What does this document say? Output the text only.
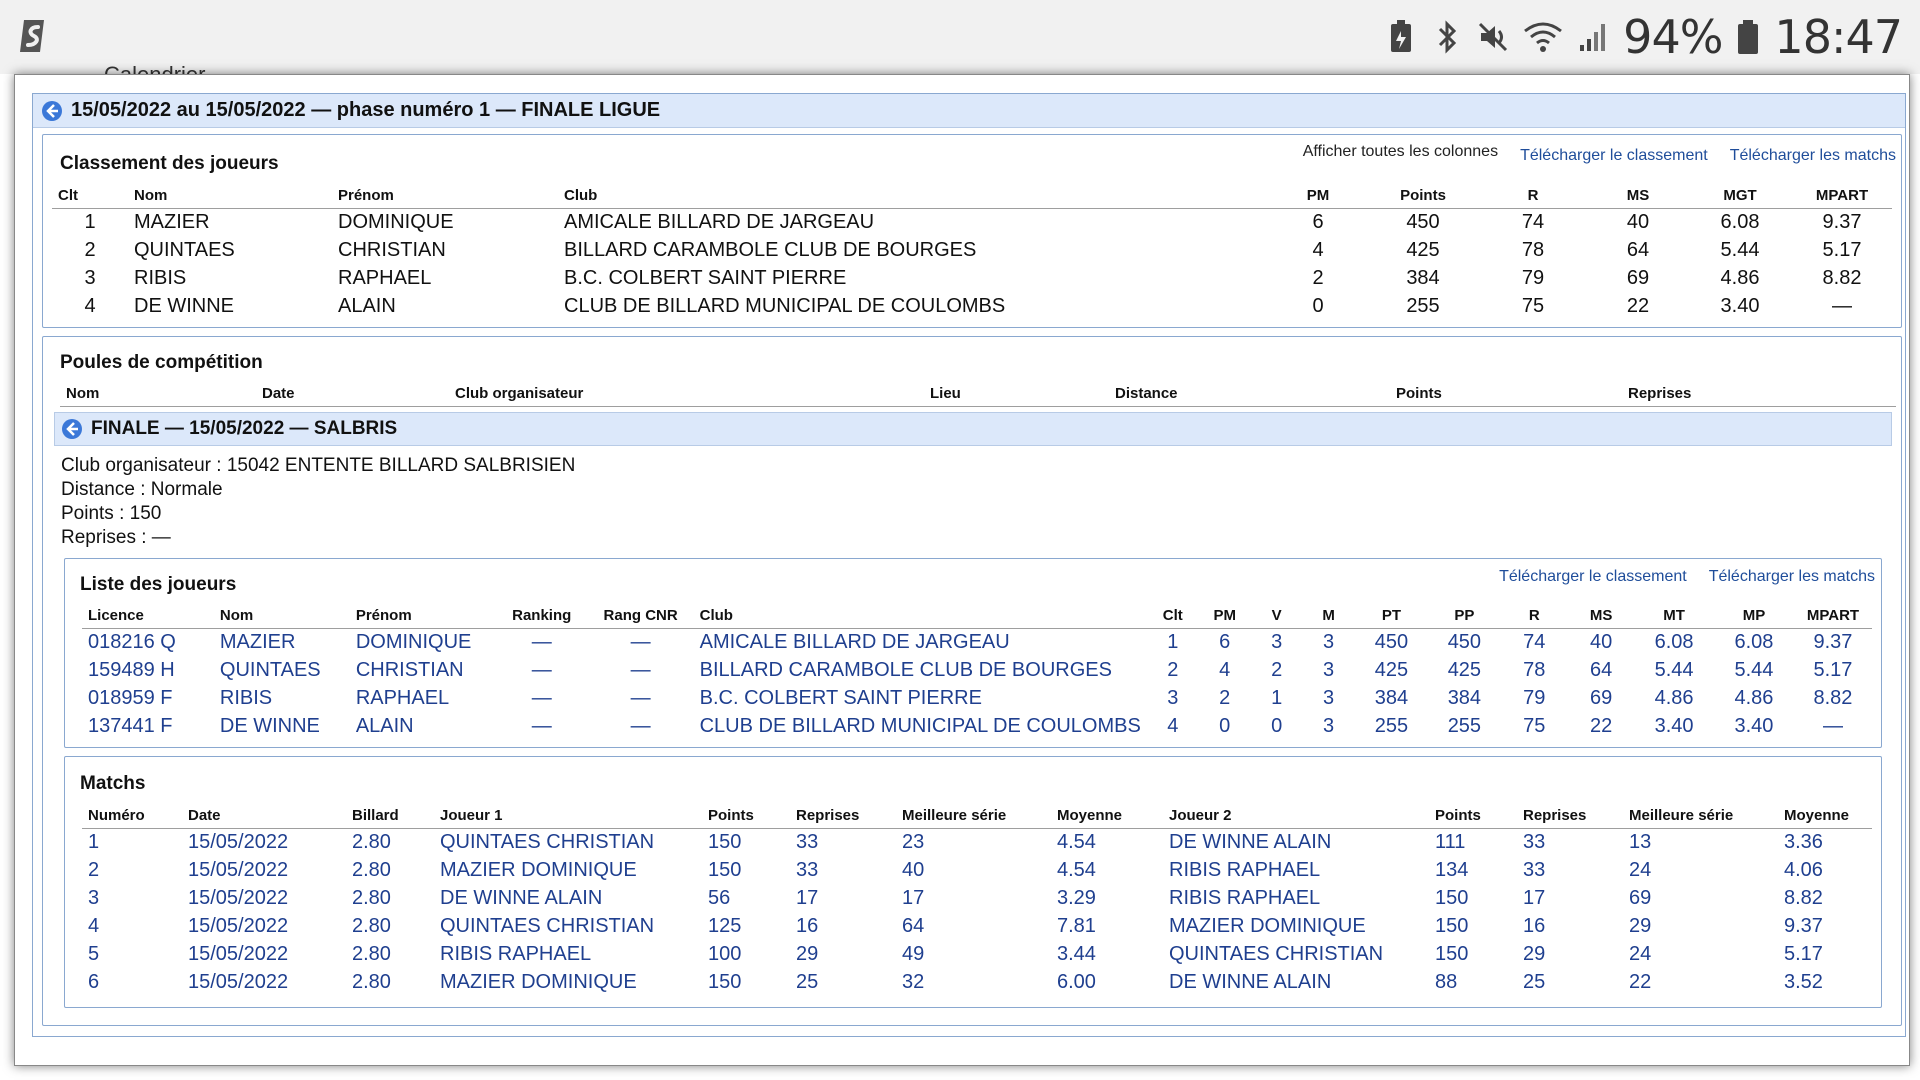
94% 18:47
15/05/2022 au 15/05/2022 — phase numéro 1 — FINALE LIGUE
Classement des joueurs
Afficher toutes les colonnes Télécharger le classement Télécharger les matchs
Clt	Nom	Prénom	Club	PM	Points	R	MS	MGT	MPART
1	MAZIER	DOMINIQUE	AMICALE BILLARD DE JARGEAU	6	450	74	40	6.08	9.37
2	QUINTAES	CHRISTIAN	BILLARD CARAMBOLE CLUB DE BOURGES	4	425	78	64	5.44	5.17
3	RIBIS	RAPHAEL	B.C. COLBERT SAINT PIERRE	2	384	79	69	4.86	8.82
4	DE WINNE	ALAIN	CLUB DE BILLARD MUNICIPAL DE COULOMBS	0	255	75	22	3.40	—
Poules de compétition
Nom	Date	Club organisateur	Lieu	Distance	Points	Reprises
FINALE — 15/05/2022 — SALBRIS
Club organisateur : 15042 ENTENTE BILLARD SALBRISIEN
Distance : Normale
Points : 150
Reprises : —
Liste des joueurs	Télécharger le classement Télécharger les matchs
Licence	Nom	Prénom	Ranking	Rang CNR	Club	Clt	PM	V	M	PT	PP	R	MS	MT	MP	MPART
018216 Q	MAZIER	DOMINIQUE	—	—	AMICALE BILLARD DE JARGEAU	1	6	3	3	450	450	74	40	6.08	6.08	9.37
159489 H	QUINTAES	CHRISTIAN	—	—	BILLARD CARAMBOLE CLUB DE BOURGES	2	4	2	3	425	425	78	64	5.44	5.44	5.17
018959 F	RIBIS	RAPHAEL	—	—	B.C. COLBERT SAINT PIERRE	3	2	1	3	384	384	79	69	4.86	4.86	8.82
137441 F	DE WINNE	ALAIN	—	—	CLUB DE BILLARD MUNICIPAL DE COULOMBS	4	0	0	3	255	255	75	22	3.40	3.40	—
Matchs
Numéro	Date	Billard	Joueur 1	Points	Reprises	Meilleure série	Moyenne	Joueur 2	Points	Reprises	Meilleure série	Moyenne
1	15/05/2022	2.80	QUINTAES CHRISTIAN	150	33	23	4.54	DE WINNE ALAIN	111	33	13	3.36
2	15/05/2022	2.80	MAZIER DOMINIQUE	150	33	40	4.54	RIBIS RAPHAEL	134	33	24	4.06
3	15/05/2022	2.80	DE WINNE ALAIN	56	17	17	3.29	RIBIS RAPHAEL	150	17	69	8.82
4	15/05/2022	2.80	QUINTAES CHRISTIAN	125	16	64	7.81	MAZIER DOMINIQUE	150	16	29	9.37
5	15/05/2022	2.80	RIBIS RAPHAEL	100	29	49	3.44	QUINTAES CHRISTIAN	150	29	24	5.17
6	15/05/2022	2.80	MAZIER DOMINIQUE	150	25	32	6.00	DE WINNE ALAIN	88	25	22	3.52
